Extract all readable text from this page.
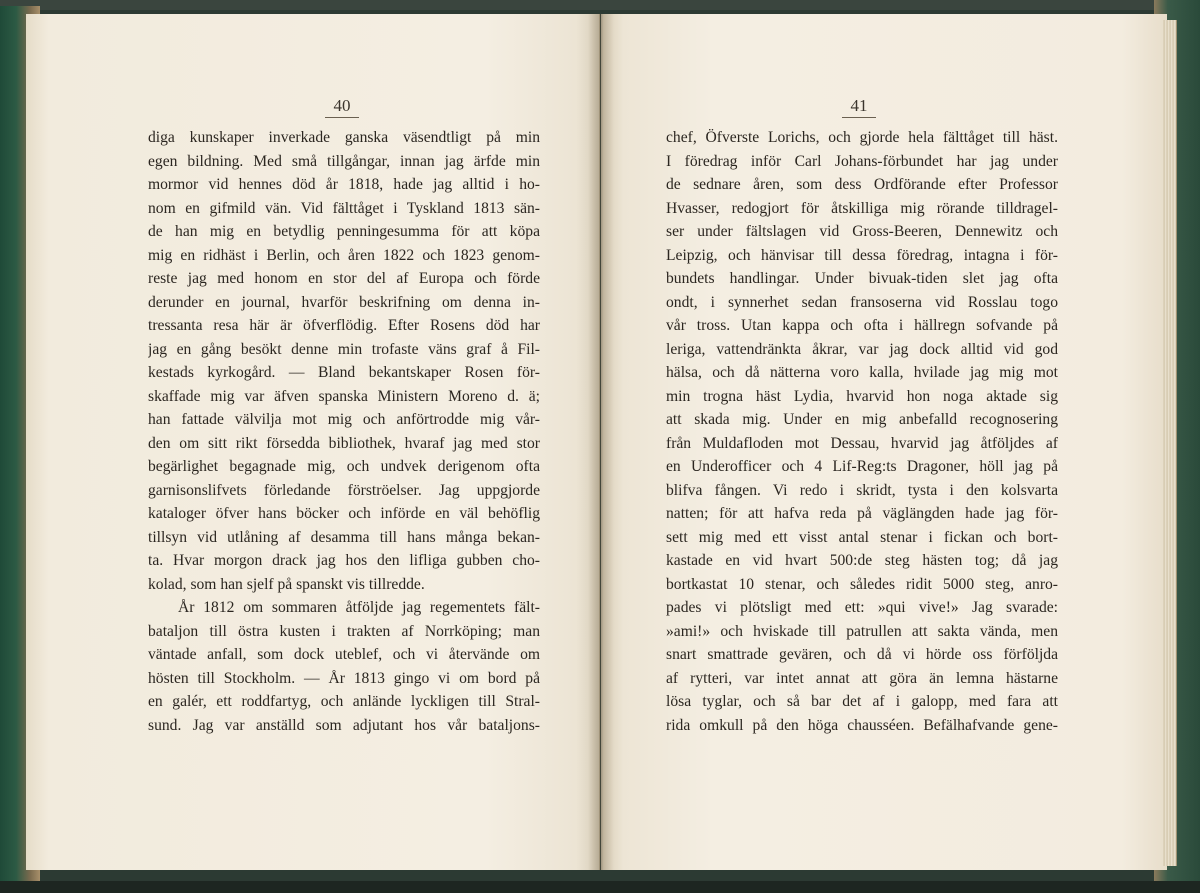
40	41
diga kunskaper inverkade ganska väsendtligt på min
egen bildning. Med små tillgångar, innan jag ärfde min
mormor vid hennes död år 1818, hade jag alltid i ho-
nom en gifmild vän. Vid fälttåget i Tyskland 1813 sän-
de han mig en betydlig penningesumma för att köpa
mig en ridhäst i Berlin, och åren 1822 och 1823 genom-
reste jag med honom en stor del af Europa och förde
derunder en journal, hvarför beskrifning om denna in-
tressanta resa här är öfverflödig. Efter Rosens död har
jag en gång besökt denne min trofaste väns graf å Fil-
kestads kyrkogård. — Bland bekantskaper Rosen för-
skaffade mig var äfven spanska Ministern Moreno d. ä;
han fattade välvilja mot mig och anförtrodde mig vår-
den om sitt rikt försedda bibliothek, hvaraf jag med stor
begärlighet begagnade mig, och undvek derigenom ofta
garnisonslifvets förledande förströelser. Jag uppgjorde
kataloger öfver hans böcker och införde en väl behöflig
tillsyn vid utlåning af desamma till hans många bekan-
ta. Hvar morgon drack jag hos den lifliga gubben cho-
kolad, som han sjelf på spanskt vis tillredde.
År 1812 om sommaren åtföljde jag regementets fält-
bataljon till östra kusten i trakten af Norrköping; man
väntade anfall, som dock uteblef, och vi återvände om
hösten till Stockholm. — År 1813 gingo vi om bord på
en galér, ett roddfartyg, och anlände lyckligen till Stral-
sund. Jag var anställd som adjutant hos vår bataljons-
chef, Öfverste Lorichs, och gjorde hela fälttåget till häst.
I föredrag inför Carl Johans-förbundet har jag under
de sednare åren, som dess Ordförande efter Professor
Hvasser, redogjort för åtskilliga mig rörande tilldragel-
ser under fältslagen vid Gross-Beeren, Dennewitz och
Leipzig, och hänvisar till dessa föredrag, intagna i för-
bundets handlingar. Under bivuak-tiden slet jag ofta
ondt, i synnerhet sedan fransoserna vid Rosslau togo
vår tross. Utan kappa och ofta i hällregn sofvande på
leriga, vattendränkta åkrar, var jag dock alltid vid god
hälsa, och då nätterna voro kalla, hvilade jag mig mot
min trogna häst Lydia, hvarvid hon noga aktade sig
att skada mig. Under en mig anbefalld recognosering
från Muldafloden mot Dessau, hvarvid jag åtföljdes af
en Underofficer och 4 Lif-Reg:ts Dragoner, höll jag på
blifva fången. Vi redo i skridt, tysta i den kolsvarta
natten; för att hafva reda på väglängden hade jag för-
sett mig med ett visst antal stenar i fickan och bort-
kastade en vid hvart 500:de steg hästen tog; då jag
bortkastat 10 stenar, och således ridit 5000 steg, anro-
pades vi plötsligt med ett: »qui vive!» Jag svarade:
»ami!» och hviskade till patrullen att sakta vända, men
snart smattrade gevären, och då vi hörde oss förföljda
af rytteri, var intet annat att göra än lemna hästarne
lösa tyglar, och så bar det af i galopp, med fara att
rida omkull på den höga chausséen. Befälhafvande gene-
